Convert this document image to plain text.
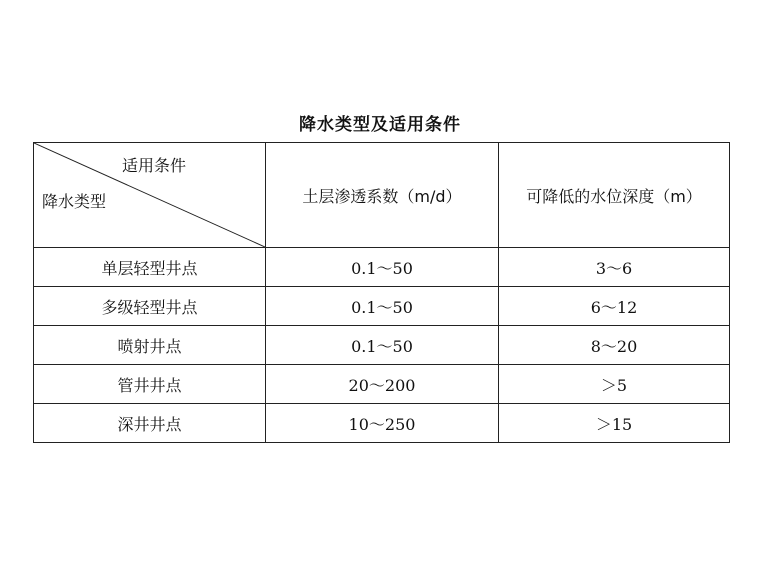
降水类型及适用条件
适用条件
降水类型	土层渗透系数（m/d）	可降低的水位深度（m）
单层轻型井点	0.1～50	3～6
多级轻型井点	0.1～50	6～12
喷射井点	0.1～50	8～20
管井井点	20～200	＞5
深井井点	10～250	＞15
